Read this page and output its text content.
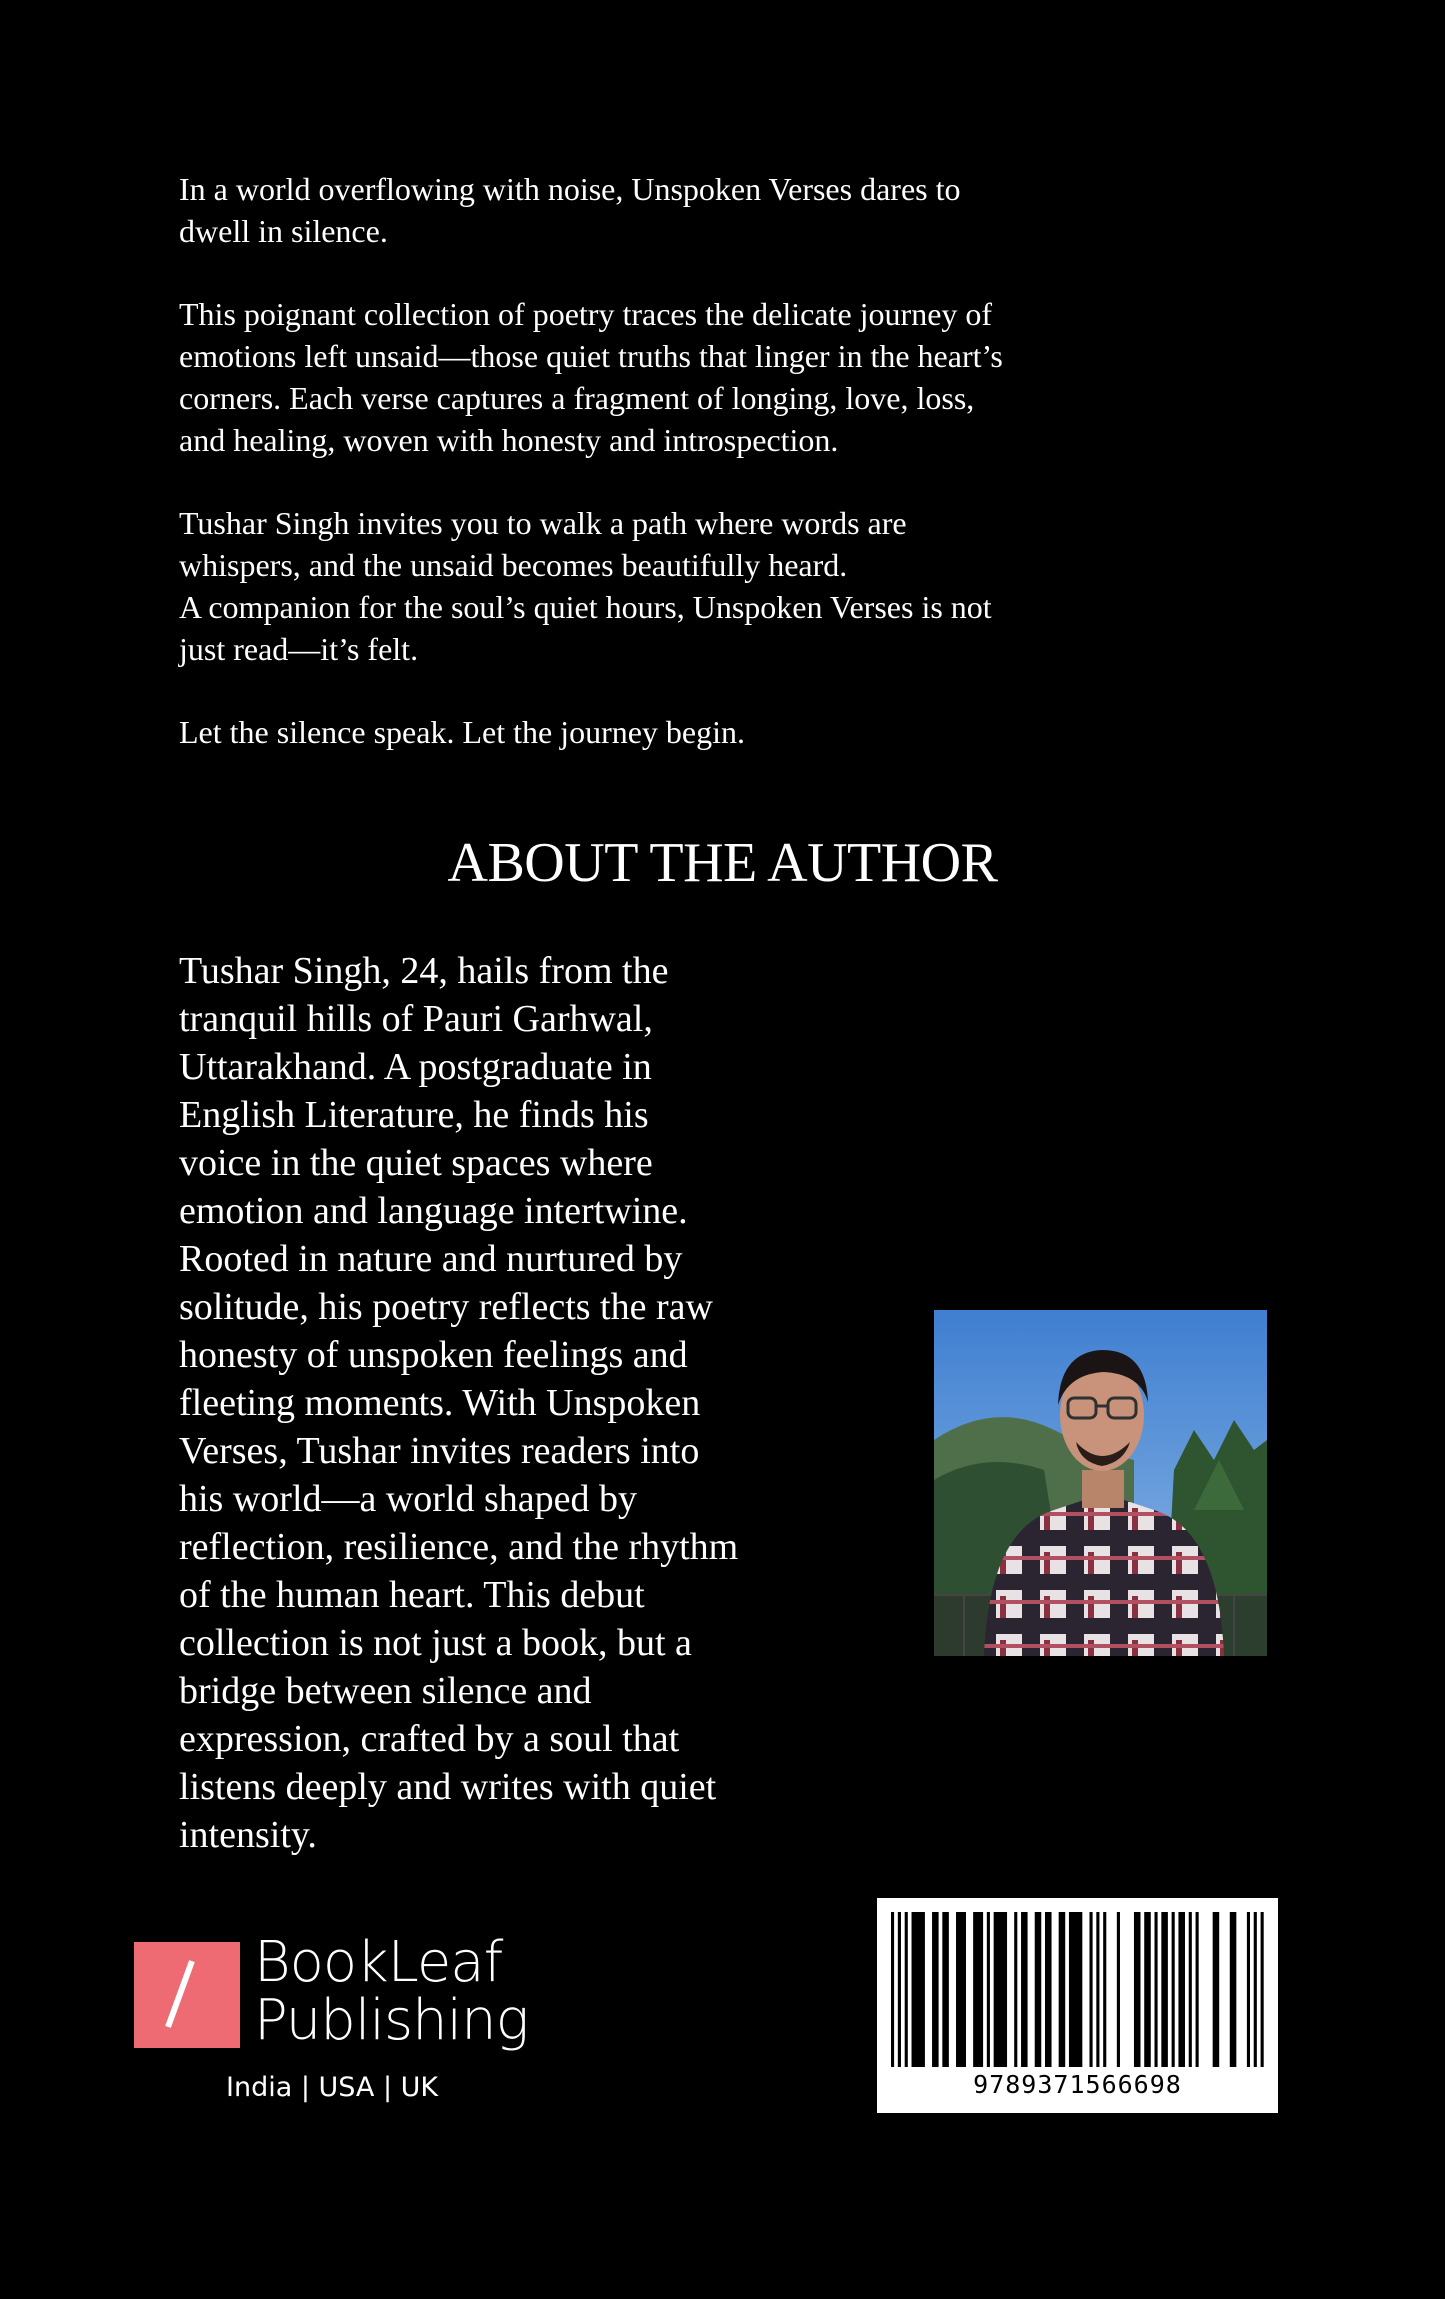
In a world overflowing with noise, Unspoken Verses dares to
dwell in silence.

This poignant collection of poetry traces the delicate journey of
emotions left unsaid—those quiet truths that linger in the heart’s
corners. Each verse captures a fragment of longing, love, loss,
and healing, woven with honesty and introspection.

Tushar Singh invites you to walk a path where words are
whispers, and the unsaid becomes beautifully heard.
A companion for the soul’s quiet hours, Unspoken Verses is not
just read—it’s felt.

Let the silence speak. Let the journey begin.

ABOUT THE AUTHOR
Tushar Singh, 24, hails from the
tranquil hills of Pauri Garhwal,
Uttarakhand. A postgraduate in
English Literature, he finds his
voice in the quiet spaces where
emotion and language intertwine.
Rooted in nature and nurtured by
solitude, his poetry reflects the raw
honesty of unspoken feelings and
fleeting moments. With Unspoken
Verses, Tushar invites readers into
his world—a world shaped by
reflection, resilience, and the rhythm
of the human heart. This debut
collection is not just a book, but a
bridge between silence and
expression, crafted by a soul that
listens deeply and writes with quiet
intensity.
BookLeaf
Publishing
India | USA | UK	9789371566698
